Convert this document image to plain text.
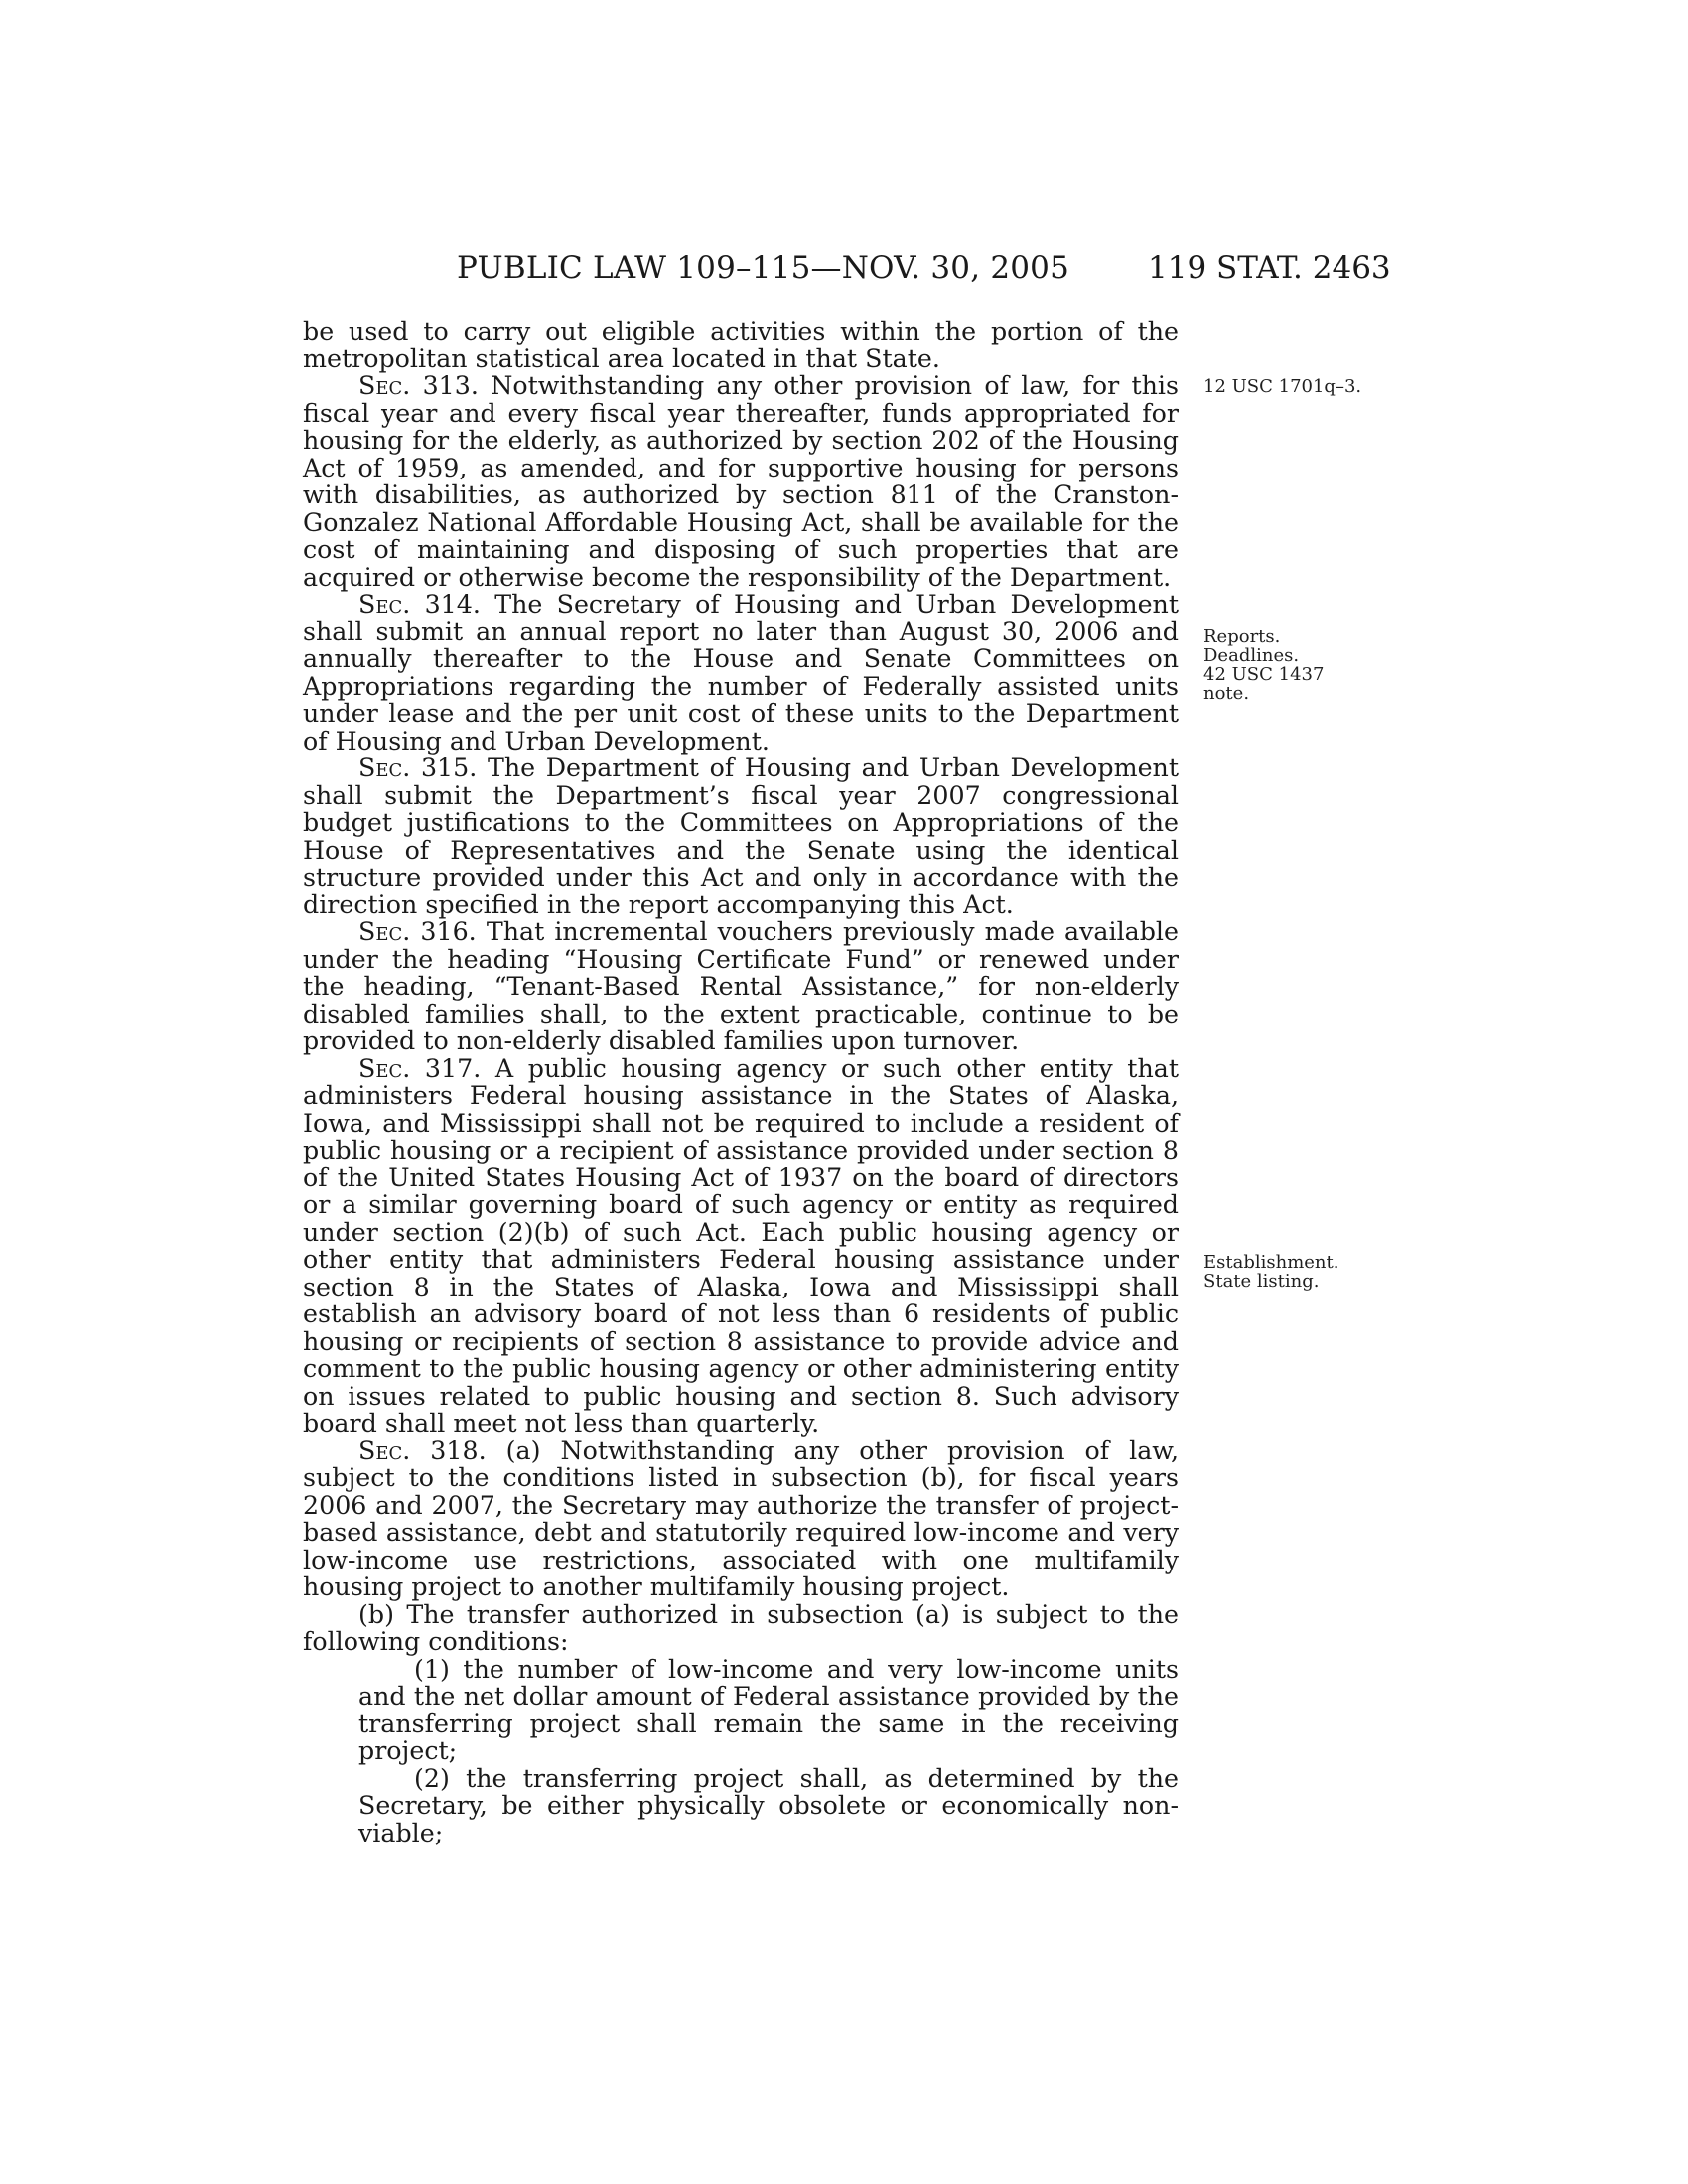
PUBLIC LAW 109–115—NOV. 30, 2005	119 STAT. 2463

be used to carry out eligible activities within the portion of the metropolitan statistical area located in that State.

Sec. 313. Notwithstanding any other provision of law, for this fiscal year and every fiscal year thereafter, funds appropriated for housing for the elderly, as authorized by section 202 of the Housing Act of 1959, as amended, and for supportive housing for persons with disabilities, as authorized by section 811 of the Cranston-Gonzalez National Affordable Housing Act, shall be available for the cost of maintaining and disposing of such properties that are acquired or otherwise become the responsibility of the Department.

Sec. 314. The Secretary of Housing and Urban Development shall submit an annual report no later than August 30, 2006 and annually thereafter to the House and Senate Committees on Appropriations regarding the number of Federally assisted units under lease and the per unit cost of these units to the Department of Housing and Urban Development.

Sec. 315. The Department of Housing and Urban Development shall submit the Department’s fiscal year 2007 congressional budget justifications to the Committees on Appropriations of the House of Representatives and the Senate using the identical structure provided under this Act and only in accordance with the direction specified in the report accompanying this Act.

Sec. 316. That incremental vouchers previously made available under the heading “Housing Certificate Fund” or renewed under the heading, “Tenant-Based Rental Assistance,” for non-elderly disabled families shall, to the extent practicable, continue to be provided to non-elderly disabled families upon turnover.

Sec. 317. A public housing agency or such other entity that administers Federal housing assistance in the States of Alaska, Iowa, and Mississippi shall not be required to include a resident of public housing or a recipient of assistance provided under section 8 of the United States Housing Act of 1937 on the board of directors or a similar governing board of such agency or entity as required under section (2)(b) of such Act. Each public housing agency or other entity that administers Federal housing assistance under section 8 in the States of Alaska, Iowa and Mississippi shall establish an advisory board of not less than 6 residents of public housing or recipients of section 8 assistance to provide advice and comment to the public housing agency or other administering entity on issues related to public housing and section 8. Such advisory board shall meet not less than quarterly.

Sec. 318. (a) Notwithstanding any other provision of law, subject to the conditions listed in subsection (b), for fiscal years 2006 and 2007, the Secretary may authorize the transfer of project-based assistance, debt and statutorily required low-income and very low-income use restrictions, associated with one multifamily housing project to another multifamily housing project.

(b) The transfer authorized in subsection (a) is subject to the following conditions:

(1) the number of low-income and very low-income units and the net dollar amount of Federal assistance provided by the transferring project shall remain the same in the receiving project;

(2) the transferring project shall, as determined by the Secretary, be either physically obsolete or economically non-viable;

12 USC 1701q–3.
Reports.
Deadlines.
42 USC 1437
note.
Establishment.
State listing.
